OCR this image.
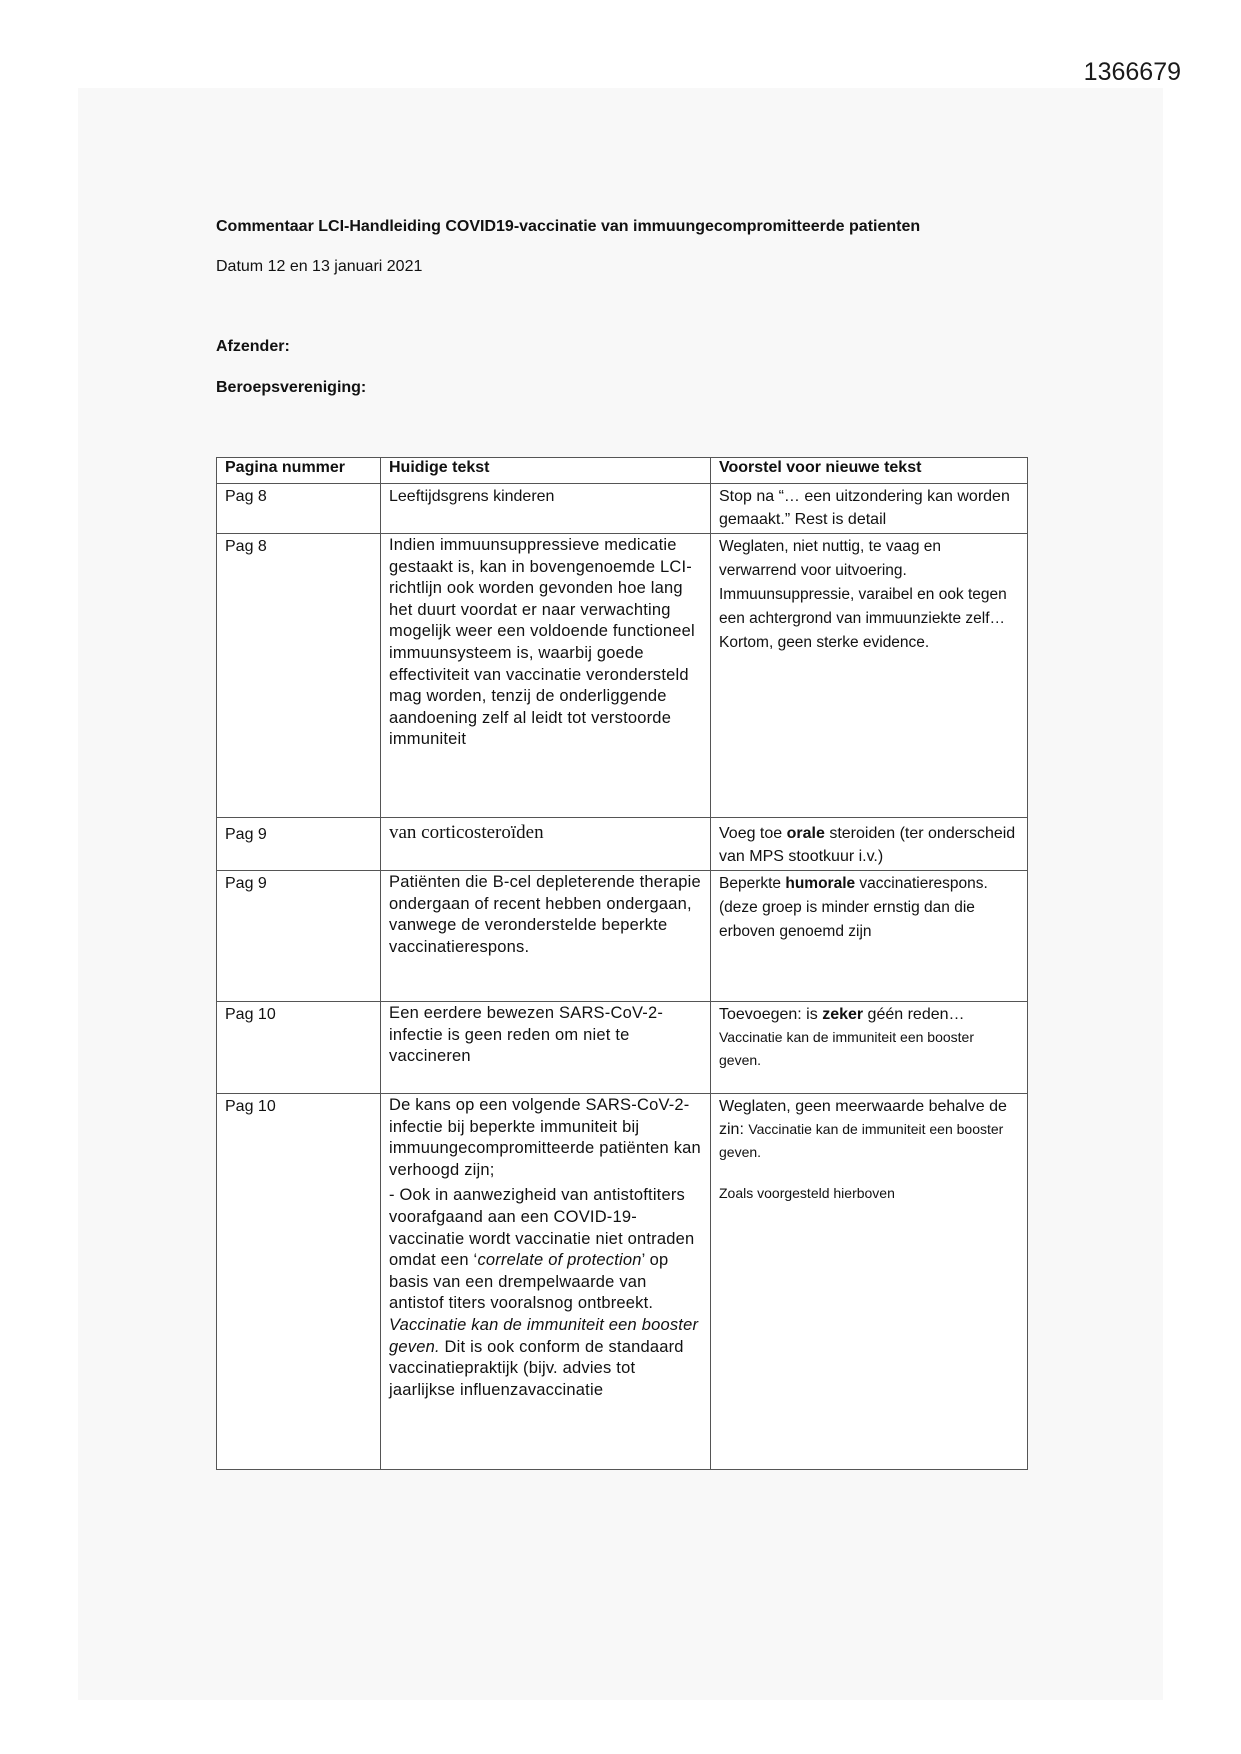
1366679
Commentaar LCI-Handleiding COVID19-vaccinatie van immuungecompromitteerde patienten
Datum 12 en 13 januari 2021
Afzender:
Beroepsvereniging:
Pagina nummer	Huidige tekst	Voorstel voor nieuwe tekst
Pag 8	Leeftijdsgrens kinderen	Stop na “… een uitzondering kan worden gemaakt.” Rest is detail
Pag 8	Indien immuunsuppressieve medicatie gestaakt is, kan in bovengenoemde LCI-richtlijn ook worden gevonden hoe lang het duurt voordat er naar verwachting mogelijk weer een voldoende functioneel immuunsysteem is, waarbij goede effectiviteit van vaccinatie verondersteld mag worden, tenzij de onderliggende aandoening zelf al leidt tot verstoorde immuniteit	Weglaten, niet nuttig, te vaag en verwarrend voor uitvoering. Immuunsuppressie, varaibel en ook tegen een achtergrond van immuunziekte zelf… Kortom, geen sterke evidence.
Pag 9	van corticosteroïden	Voeg toe orale steroiden (ter onderscheid van MPS stootkuur i.v.)
Pag 9	Patiënten die B-cel depleterende therapie ondergaan of recent hebben ondergaan, vanwege de veronderstelde beperkte vaccinatierespons.	Beperkte humorale vaccinatierespons.
(deze groep is minder ernstig dan die erboven genoemd zijn
Pag 10	Een eerdere bewezen SARS-CoV-2-infectie is geen reden om niet te vaccineren	Toevoegen: is zeker géén reden…
Vaccinatie kan de immuniteit een booster geven.
Pag 10	De kans op een volgende SARS-CoV-2-infectie bij beperkte immuniteit bij immuungecompromitteerde patiënten kan verhoogd zijn;
- Ook in aanwezigheid van antistoftiters voorafgaand aan een COVID-19-vaccinatie wordt vaccinatie niet ontraden omdat een ‘correlate of protection’ op basis van een drempelwaarde van antistof titers vooralsnog ontbreekt. Vaccinatie kan de immuniteit een booster geven. Dit is ook conform de standaard vaccinatiepraktijk (bijv. advies tot jaarlijkse influenzavaccinatie	Weglaten, geen meerwaarde behalve de zin: Vaccinatie kan de immuniteit een booster geven.
Zoals voorgesteld hierboven
